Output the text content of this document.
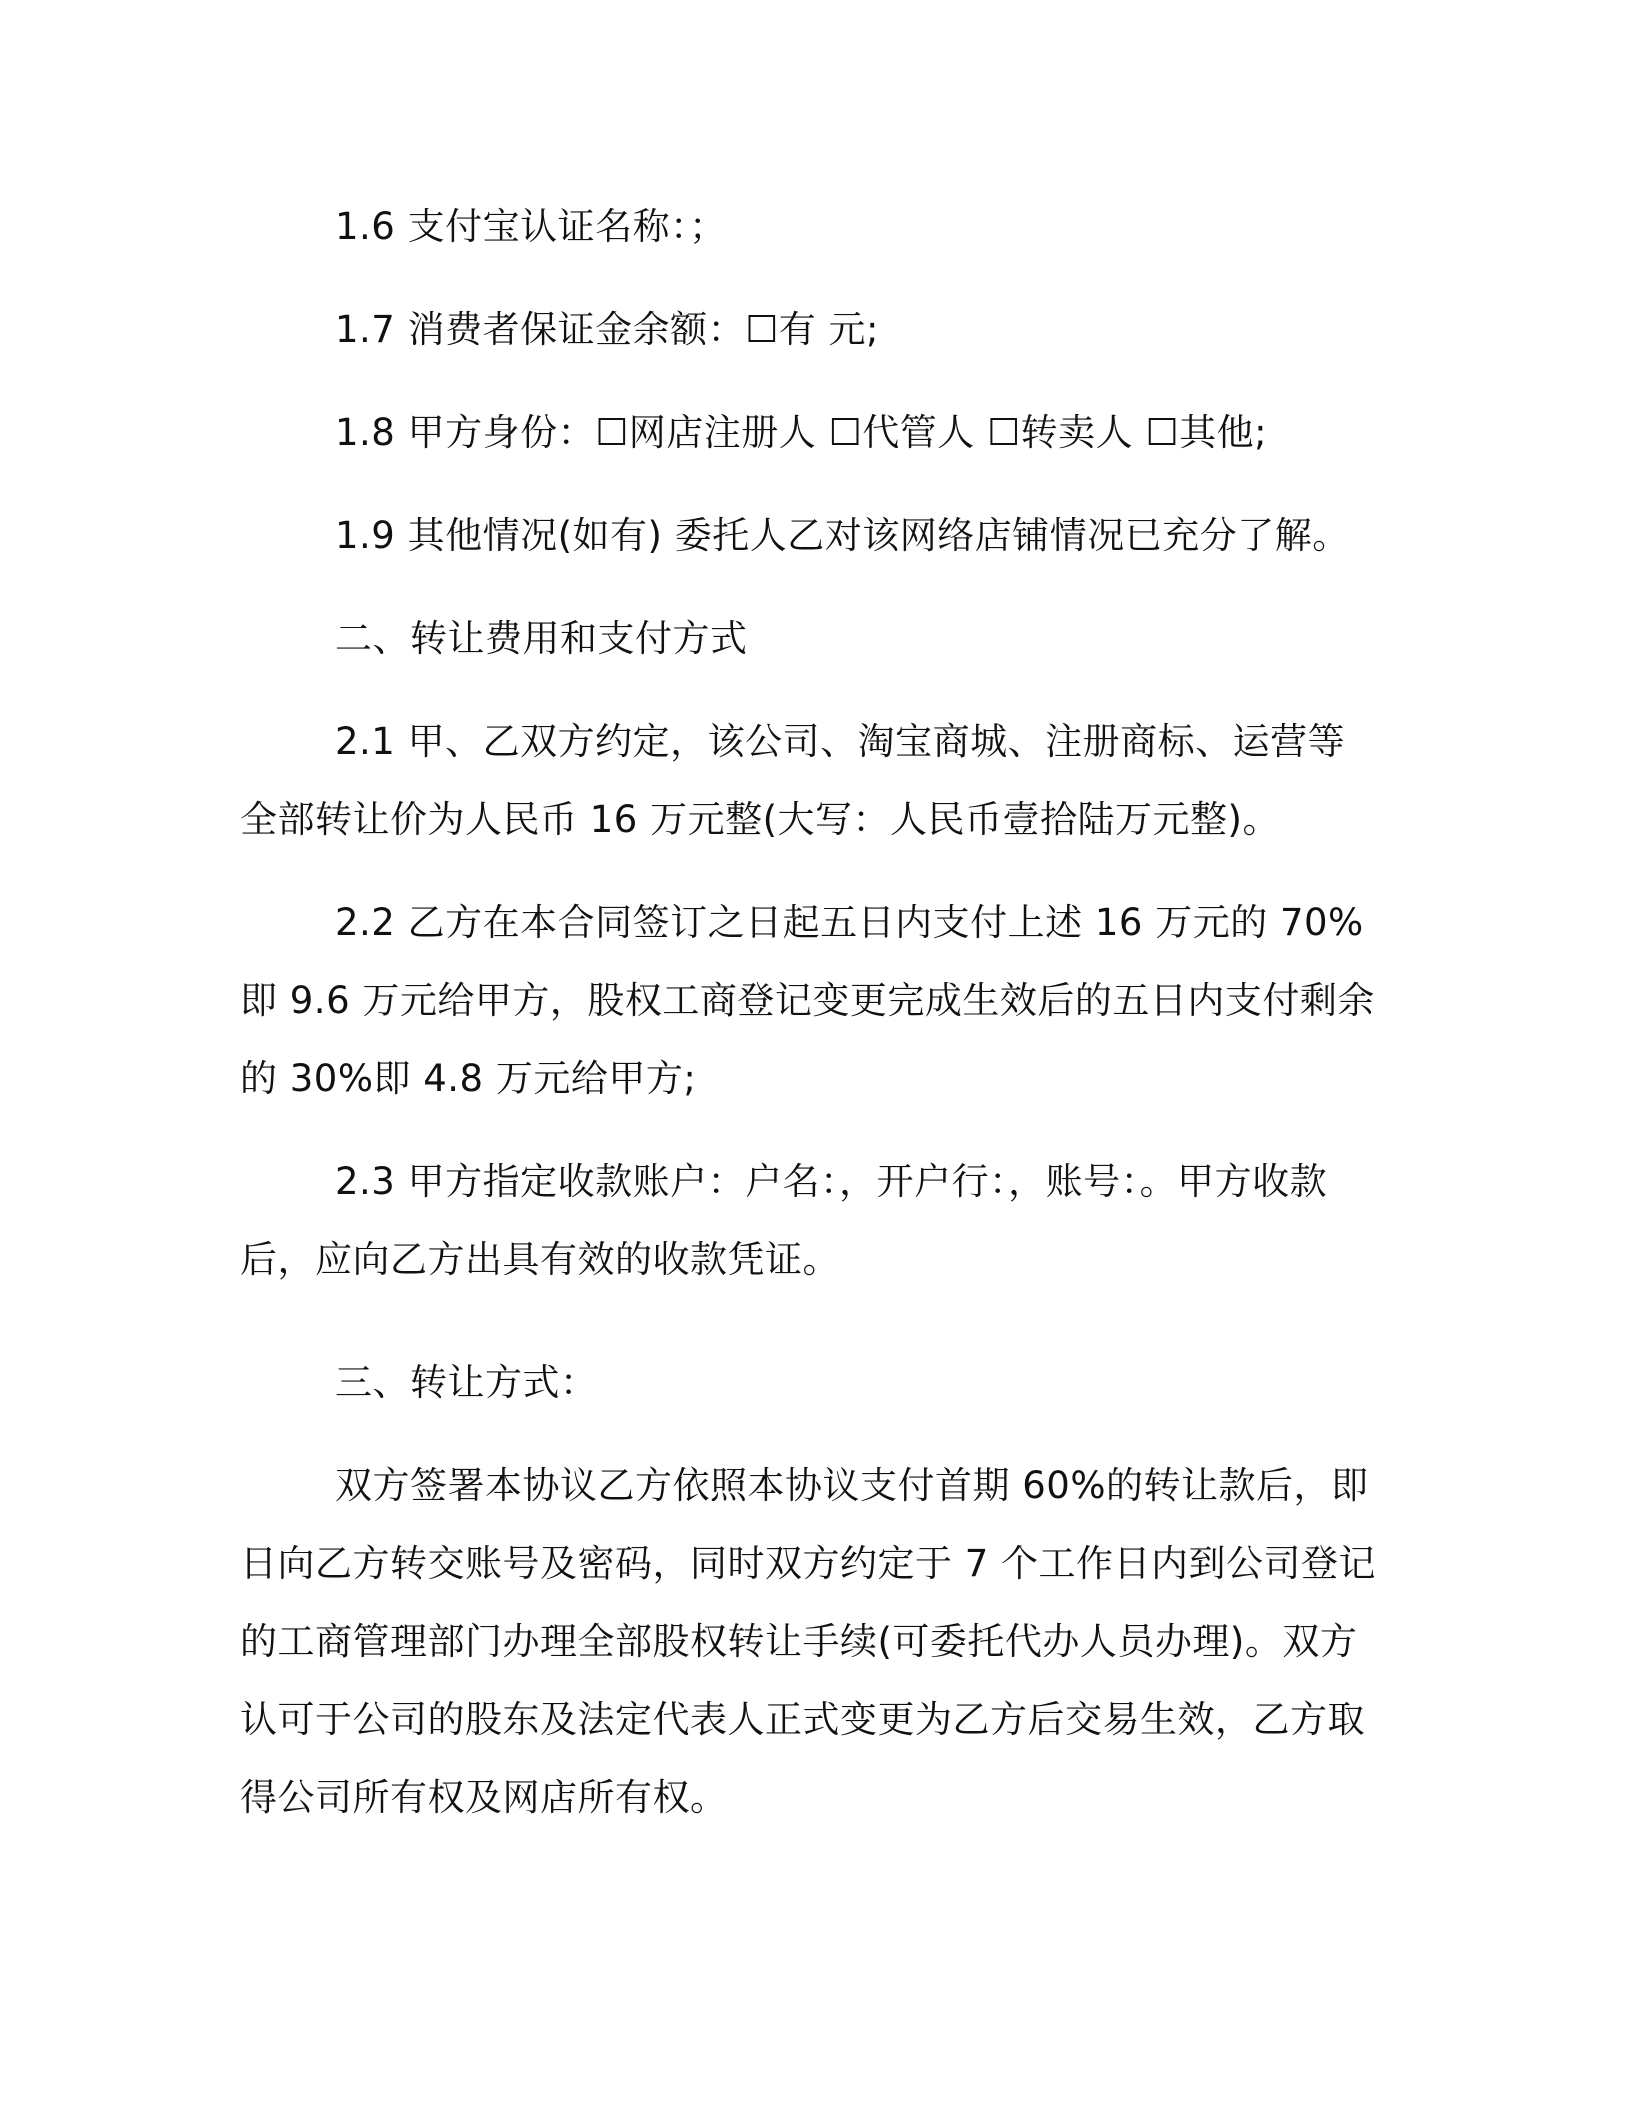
1.6 支付宝认证名称：；

1.7 消费者保证金余额：☐有 元;

1.8 甲方身份：☐网店注册人 ☐代管人 ☐转卖人 ☐其他;

1.9 其他情况(如有) 委托人乙对该网络店铺情况已充分了解。

二、转让费用和支付方式

2.1 甲、乙双方约定，该公司、淘宝商城、注册商标、运营等全部转让价为人民币 16 万元整(大写：人民币壹拾陆万元整)。

2.2 乙方在本合同签订之日起五日内支付上述 16 万元的 70%即 9.6 万元给甲方，股权工商登记变更完成生效后的五日内支付剩余的 30%即 4.8 万元给甲方;

2.3 甲方指定收款账户：户名：，开户行：，账号：。甲方收款后，应向乙方出具有效的收款凭证。

三、转让方式：

双方签署本协议乙方依照本协议支付首期 60%的转让款后，即日向乙方转交账号及密码，同时双方约定于 7 个工作日内到公司登记的工商管理部门办理全部股权转让手续(可委托代办人员办理)。双方认可于公司的股东及法定代表人正式变更为乙方后交易生效，乙方取得公司所有权及网店所有权。
